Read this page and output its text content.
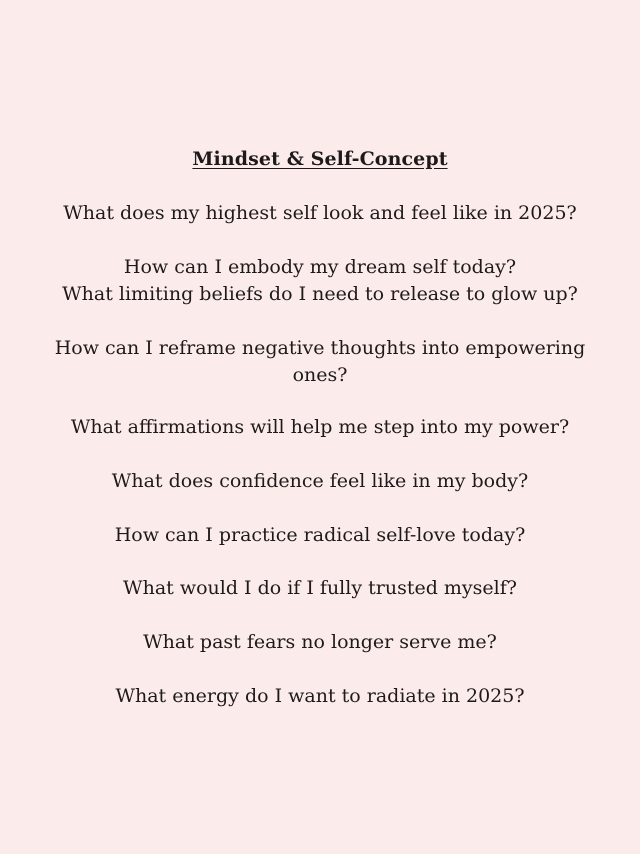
Mindset & Self-Concept

What does my highest self look and feel like in 2025?

How can I embody my dream self today?

What limiting beliefs do I need to release to glow up?

How can I reframe negative thoughts into empowering ones?

What affirmations will help me step into my power?

What does confidence feel like in my body?

How can I practice radical self-love today?

What would I do if I fully trusted myself?

What past fears no longer serve me?

What energy do I want to radiate in 2025?
